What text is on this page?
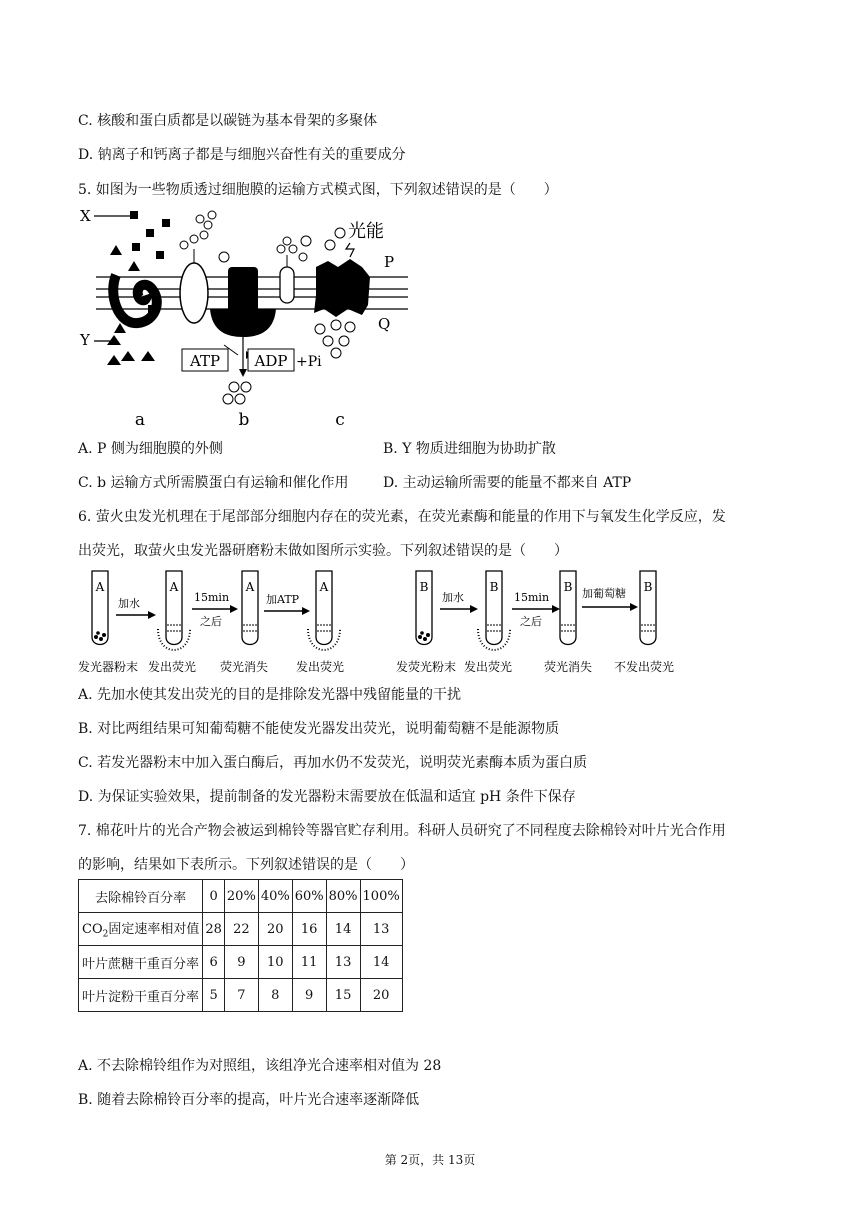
C. 核酸和蛋白质都是以碳链为基本骨架的多聚体
D. 钠离子和钙离子都是与细胞兴奋性有关的重要成分
5. 如图为一些物质透过细胞膜的运输方式模式图，下列叙述错误的是（　　）
X
Y
ATP ADP +Pi
光能
P
Q
a	b	c
A. P 侧为细胞膜的外侧	B. Y 物质进细胞为协助扩散
C. b 运输方式所需膜蛋白有运输和催化作用 D. 主动运输所需要的能量不都来自 ATP
6. 萤火虫发光机理在于尾部部分细胞内存在的荧光素，在荧光素酶和能量的作用下与氧发生化学反应，发
出荧光，取萤火虫发光器研磨粉末做如图所示实验。下列叙述错误的是（　　）
A
加水
A
15min
之后
A
加ATP
A
发光器粉末 发出荧光 荧光消失 发出荧光
B
加水
B
15min
之后
B 加葡萄糖 B
发荧光粉末 发出荧光	荧光消失 不发出荧光
A. 先加水使其发出荧光的目的是排除发光器中残留能量的干扰
B. 对比两组结果可知葡萄糖不能使发光器发出荧光，说明葡萄糖不是能源物质
C. 若发光器粉末中加入蛋白酶后，再加水仍不发荧光，说明荧光素酶本质为蛋白质
D. 为保证实验效果，提前制备的发光器粉末需要放在低温和适宜 pH 条件下保存
7. 棉花叶片的光合产物会被运到棉铃等器官贮存利用。科研人员研究了不同程度去除棉铃对叶片光合作用
的影响，结果如下表所示。下列叙述错误的是（　　）
去除棉铃百分率	0	20%	40%	60%	80%	100%
$CO_2$固定速率相对值	28	22	20	16	14	13
叶片蔗糖干重百分率	6	9	10	11	13	14
叶片淀粉干重百分率	5	7	8	9	15	20
A. 不去除棉铃组作为对照组，该组净光合速率相对值为 28
B. 随着去除棉铃百分率的提高，叶片光合速率逐渐降低
第 2页，共 13页
